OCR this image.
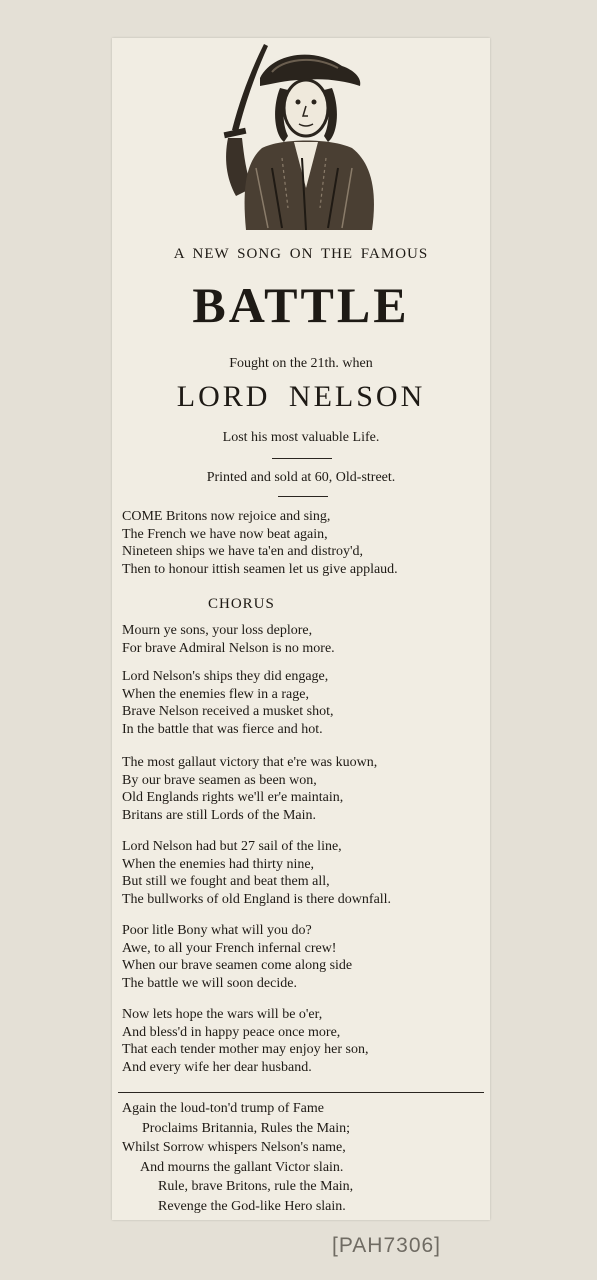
A NEW SONG ON THE FAMOUS
BATTLE
Fought on the 21th. when
LORD NELSON
Lost his most valuable Life.
Printed and sold at 60, Old-street.
COME Britons now rejoice and sing,
The French we have now beat again,
Nineteen ships we have ta'en and distroy'd,
Then to honour ittish seamen let us give applaud.
CHORUS
Mourn ye sons, your loss deplore,
For brave Admiral Nelson is no more.
Lord Nelson's ships they did engage,
When the enemies flew in a rage,
Brave Nelson received a musket shot,
In the battle that was fierce and hot.
The most gallaut victory that e're was kuown,
By our brave seamen as been won,
Old Englands rights we'll er'e maintain,
Britans are still Lords of the Main.
Lord Nelson had but 27 sail of the line,
When the enemies had thirty nine,
But still we fought and beat them all,
The bullworks of old England is there downfall.
Poor litle Bony what will you do?
Awe, to all your French infernal crew!
When our brave seamen come along side
The battle we will soon decide.
Now lets hope the wars will be o'er,
And bless'd in happy peace once more,
That each tender mother may enjoy her son,
And every wife her dear husband.
Again the loud-ton'd trump of Fame
Proclaims Britannia, Rules the Main;
Whilst Sorrow whispers Nelson's name,
And mourns the gallant Victor slain.
Rule, brave Britons, rule the Main,
Revenge the God-like Hero slain.
[PAH7306]
